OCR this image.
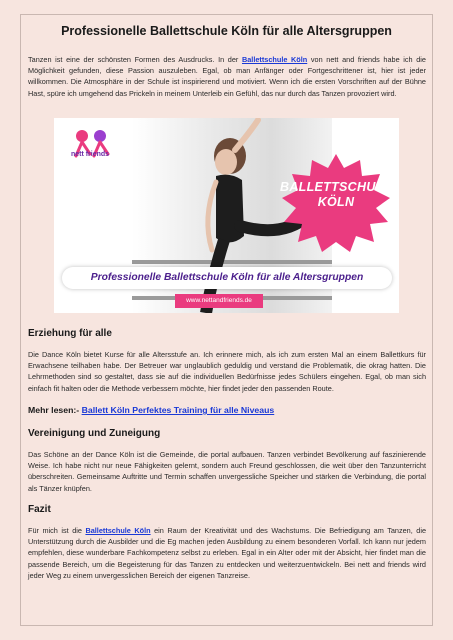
Professionelle Ballettschule Köln für alle Altersgruppen

Tanzen ist eine der schönsten Formen des Ausdrucks. In der Ballettschule Köln von nett and friends habe ich die Möglichkeit gefunden, diese Passion auszuleben. Egal, ob man Anfänger oder Fortgeschrittener ist, hier ist jeder willkommen. Die Atmosphäre in der Schule ist inspirierend und motiviert. Wenn ich die ersten Vorschriften auf der Bühne Hast, spüre ich umgehend das Prickeln in meinem Unterleib ein Gefühl, das nur durch das Tanzen provoziert wird.

nett friends
BALLETTSCHULE
KÖLN
Professionelle Ballettschule Köln für alle Altersgruppen
www.nettandfriends.de
Erziehung für alle

Die Dance Köln bietet Kurse für alle Altersstufe an. Ich erinnere mich, als ich zum ersten Mal an einem Ballettkurs für Erwachsene teilhaben habe. Der Betreuer war unglaublich geduldig und verstand die Problematik, die okrag hatten. Die Lehrmethoden sind so gestaltet, dass sie auf die individuellen Bedürfnisse jedes Schülers eingehen. Egal, ob man sich einfach fit halten oder die Methode verbessern möchte, hier findet jeder den passenden Route.

Mehr lesen:- Ballett Köln Perfektes Training für alle Niveaus
Vereinigung und Zuneigung

Das Schöne an der Dance Köln ist die Gemeinde, die portal aufbauen. Tanzen verbindet Bevölkerung auf faszinierende Weise. Ich habe nicht nur neue Fähigkeiten gelernt, sondern auch Freund geschlossen, die weit über den Tanzunterricht überschreiten. Gemeinsame Auftritte und Termin schaffen unvergessliche Speicher und stärken die Verbindung, die portal als Tänzer knüpfen.

Fazit

Für mich ist die Ballettschule Köln ein Raum der Kreativität und des Wachstums. Die Befriedigung am Tanzen, die Unterstützung durch die Ausbilder und die Eg machen jeden Ausbildung zu einem besonderen Vorfall. Ich kann nur jedem empfehlen, diese wunderbare Fachkompetenz selbst zu erleben. Egal in ein Alter oder mit der Absicht, hier findet man die passende Bereich, um die Begeisterung für das Tanzen zu entdecken und weiterzuentwickeln. Bei nett and friends wird jeder Weg zu einem unvergesslichen Bereich der eigenen Tanzreise.
